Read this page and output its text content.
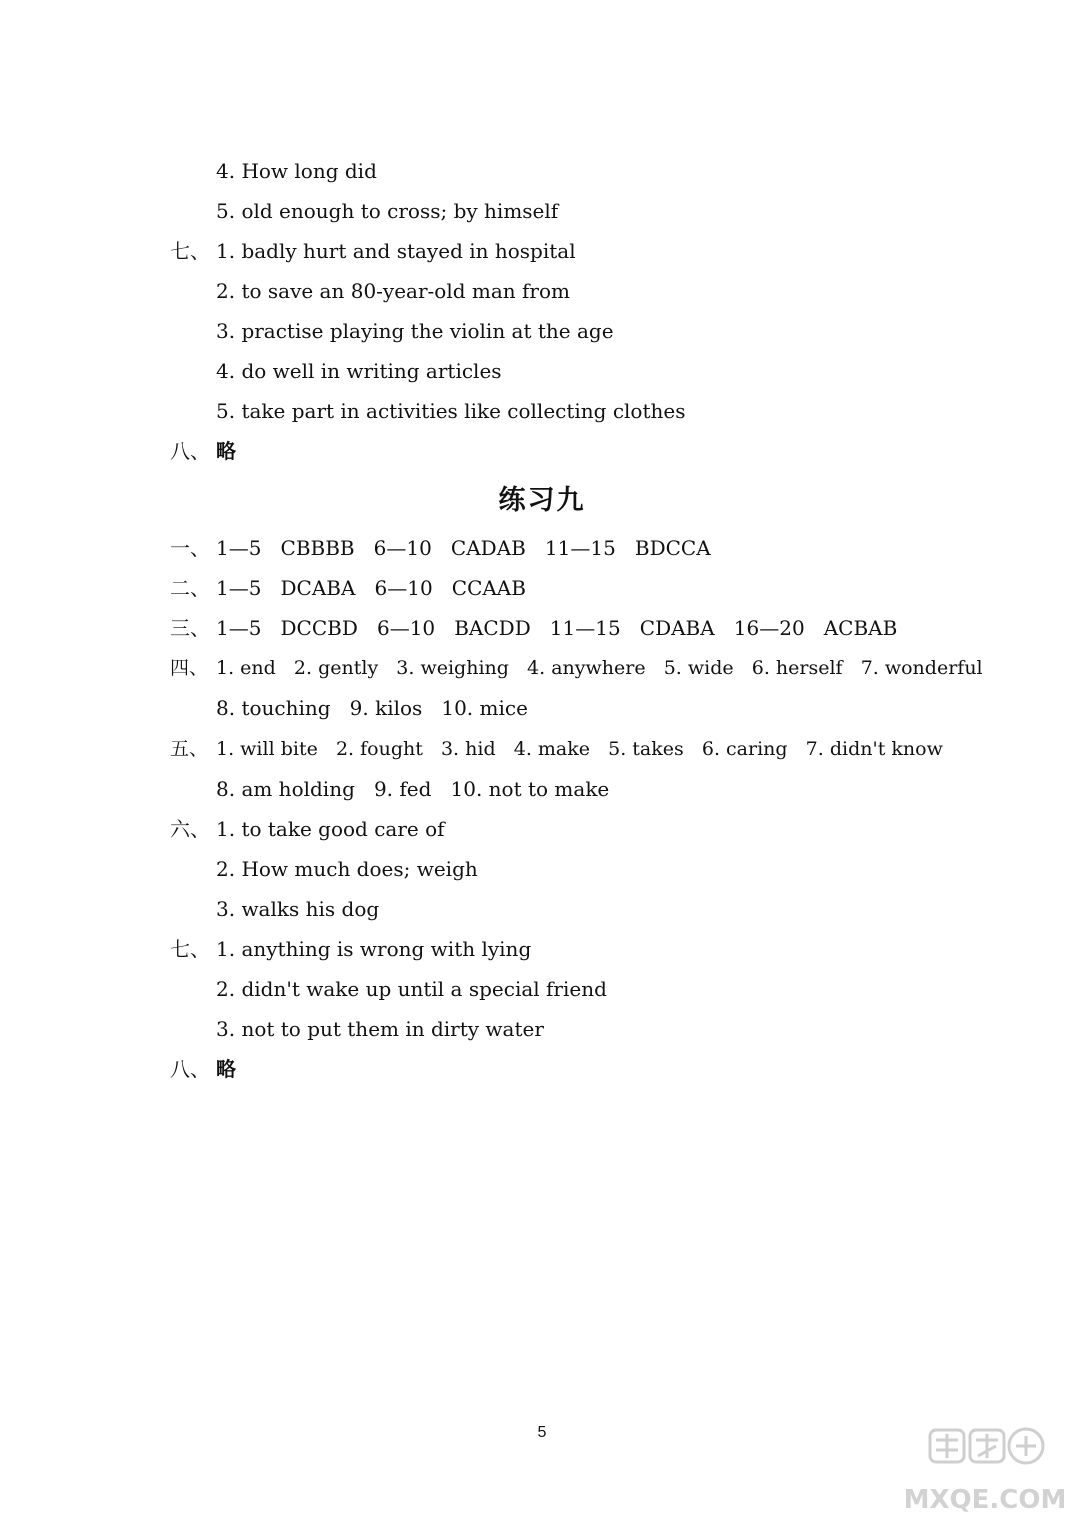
4. How long did
5. old enough to cross; by himself
七、 1. badly hurt and stayed in hospital
2. to save an 80-year-old man from
3. practise playing the violin at the age
4. do well in writing articles
5. take part in activities like collecting clothes
八、 略
练习九
一、 1—5   CBBBB   6—10   CADAB   11—15   BDCCA
二、 1—5   DCABA   6—10   CCAAB
三、 1—5   DCCBD   6—10   BACDD   11—15   CDABA   16—20   ACBAB
四、 1. end   2. gently   3. weighing   4. anywhere   5. wide   6. herself   7. wonderful
8. touching   9. kilos   10. mice
五、 1. will bite   2. fought   3. hid   4. make   5. takes   6. caring   7. didn't know
8. am holding   9. fed   10. not to make
六、 1. to take good care of
2. How much does; weigh
3. walks his dog
七、 1. anything is wrong with lying
2. didn't wake up until a special friend
3. not to put them in dirty water
八、 略
5
MXQE.COM
